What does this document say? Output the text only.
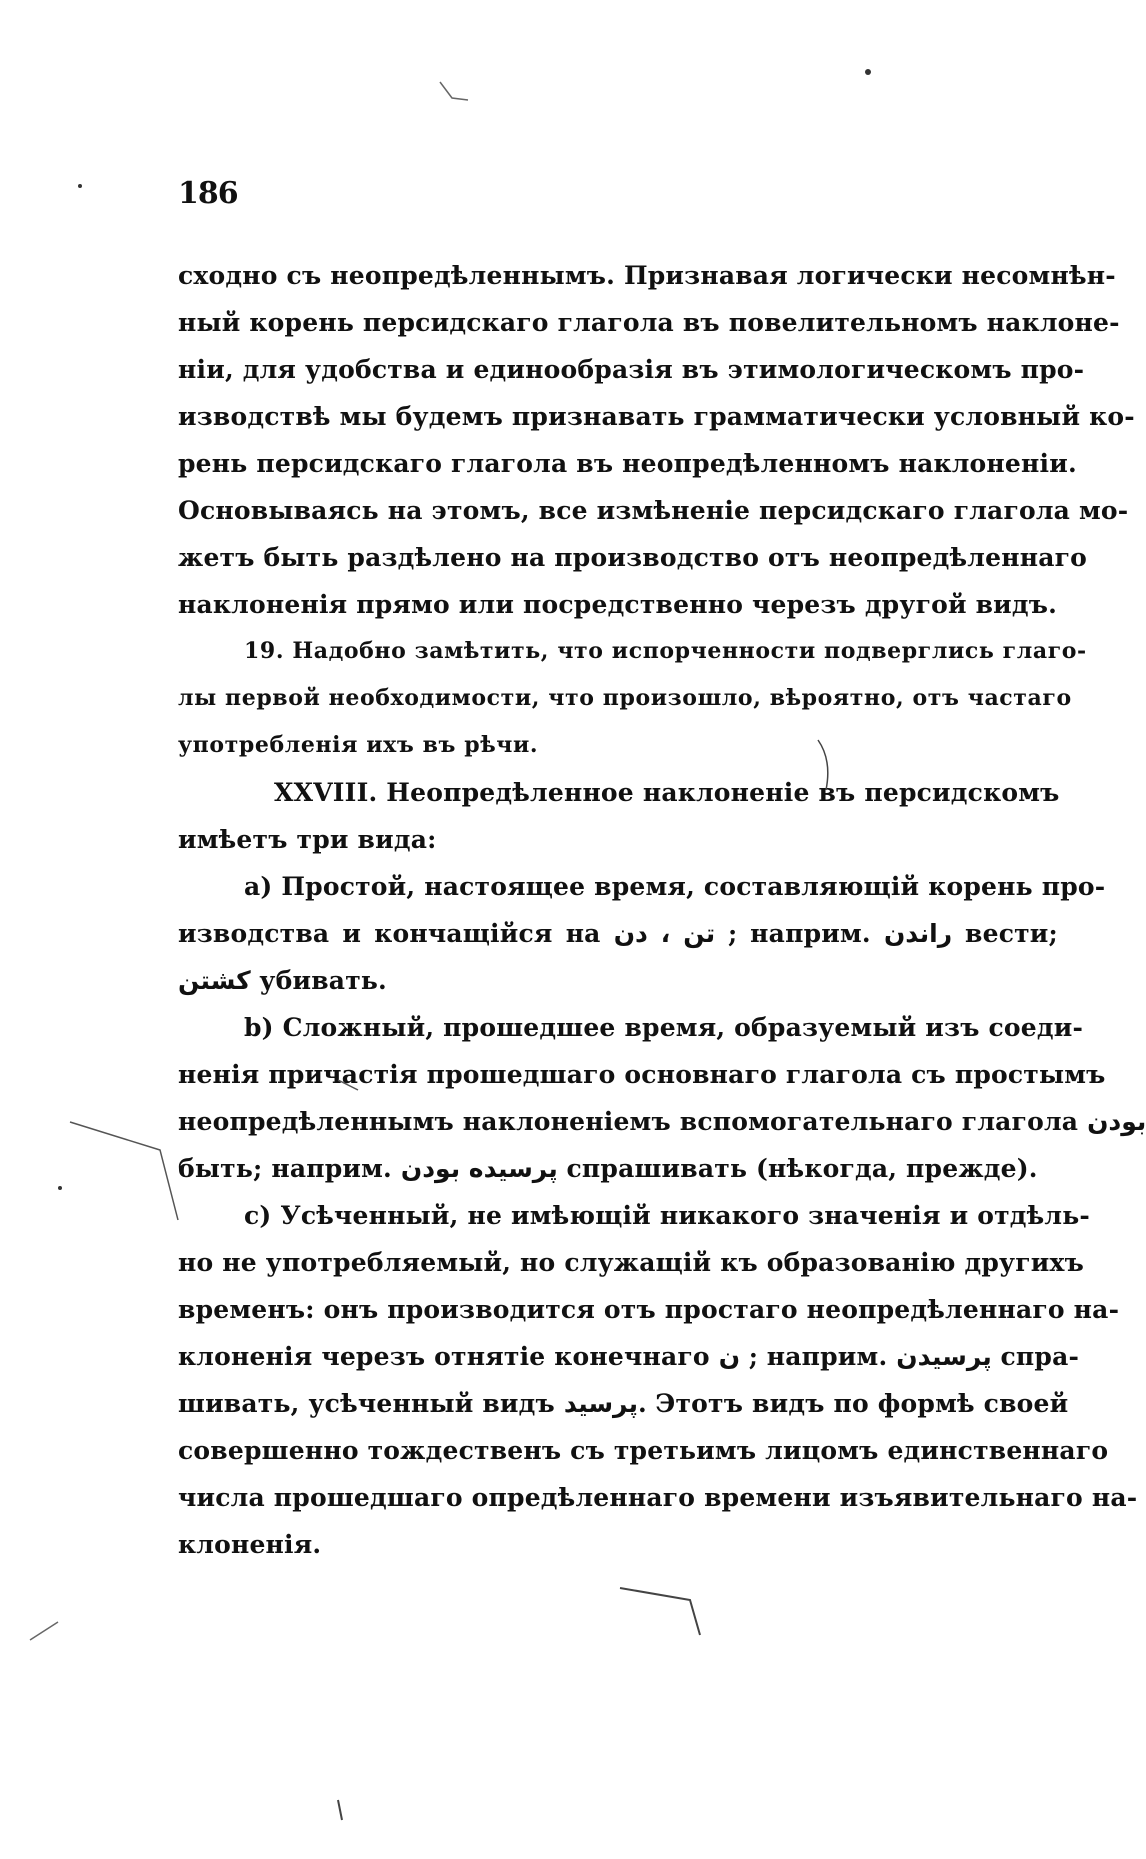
186
сходно съ неопредѣленнымъ. Признавая логически несомнѣн-
ный корень персидскаго глагола въ повелительномъ наклоне-
ніи, для удобства и единообразія въ этимологическомъ про-
изводствѣ мы будемъ признавать грамматически условный ко-
рень персидскаго глагола въ неопредѣленномъ наклоненіи.
Основываясь на этомъ, все измѣненіе персидскаго глагола мо-
жетъ быть раздѣлено на производство отъ неопредѣленнаго
наклоненія прямо или посредственно черезъ другой видъ.
19. Надобно замѣтить, что испорченности подверглись глаго-
лы первой необходимости, что произошло, вѣроятно, отъ частаго
употребленія ихъ въ рѣчи.
XXVIII. Неопредѣленное наклоненіе въ персидскомъ
имѣетъ три вида:
a) Простой, настоящее время, составляющій корень про-
изводства и кончащійся на تن ، دن ; наприм. راندن вести;
کشتن убивать.
b) Сложный, прошедшее время, образуемый изъ соеди-
ненія причастія прошедшаго основнаго глагола съ простымъ
неопредѣленнымъ наклоненіемъ вспомогательнаго глагола بودن
быть; наприм. پرسیده بودن спрашивать (нѣкогда, прежде).
c) Усѣченный, не имѣющій никакого значенія и отдѣль-
но не употребляемый, но служащій къ образованію другихъ
временъ: онъ производится отъ простаго неопредѣленнаго на-
клоненія черезъ отнятіе конечнаго ن ; наприм. پرسیدن спра-
шивать, усѣченный видъ پرسید. Этотъ видъ по формѣ своей
совершенно тождественъ съ третьимъ лицомъ единственнаго
числа прошедшаго опредѣленнаго времени изъявительнаго на-
клоненія.
